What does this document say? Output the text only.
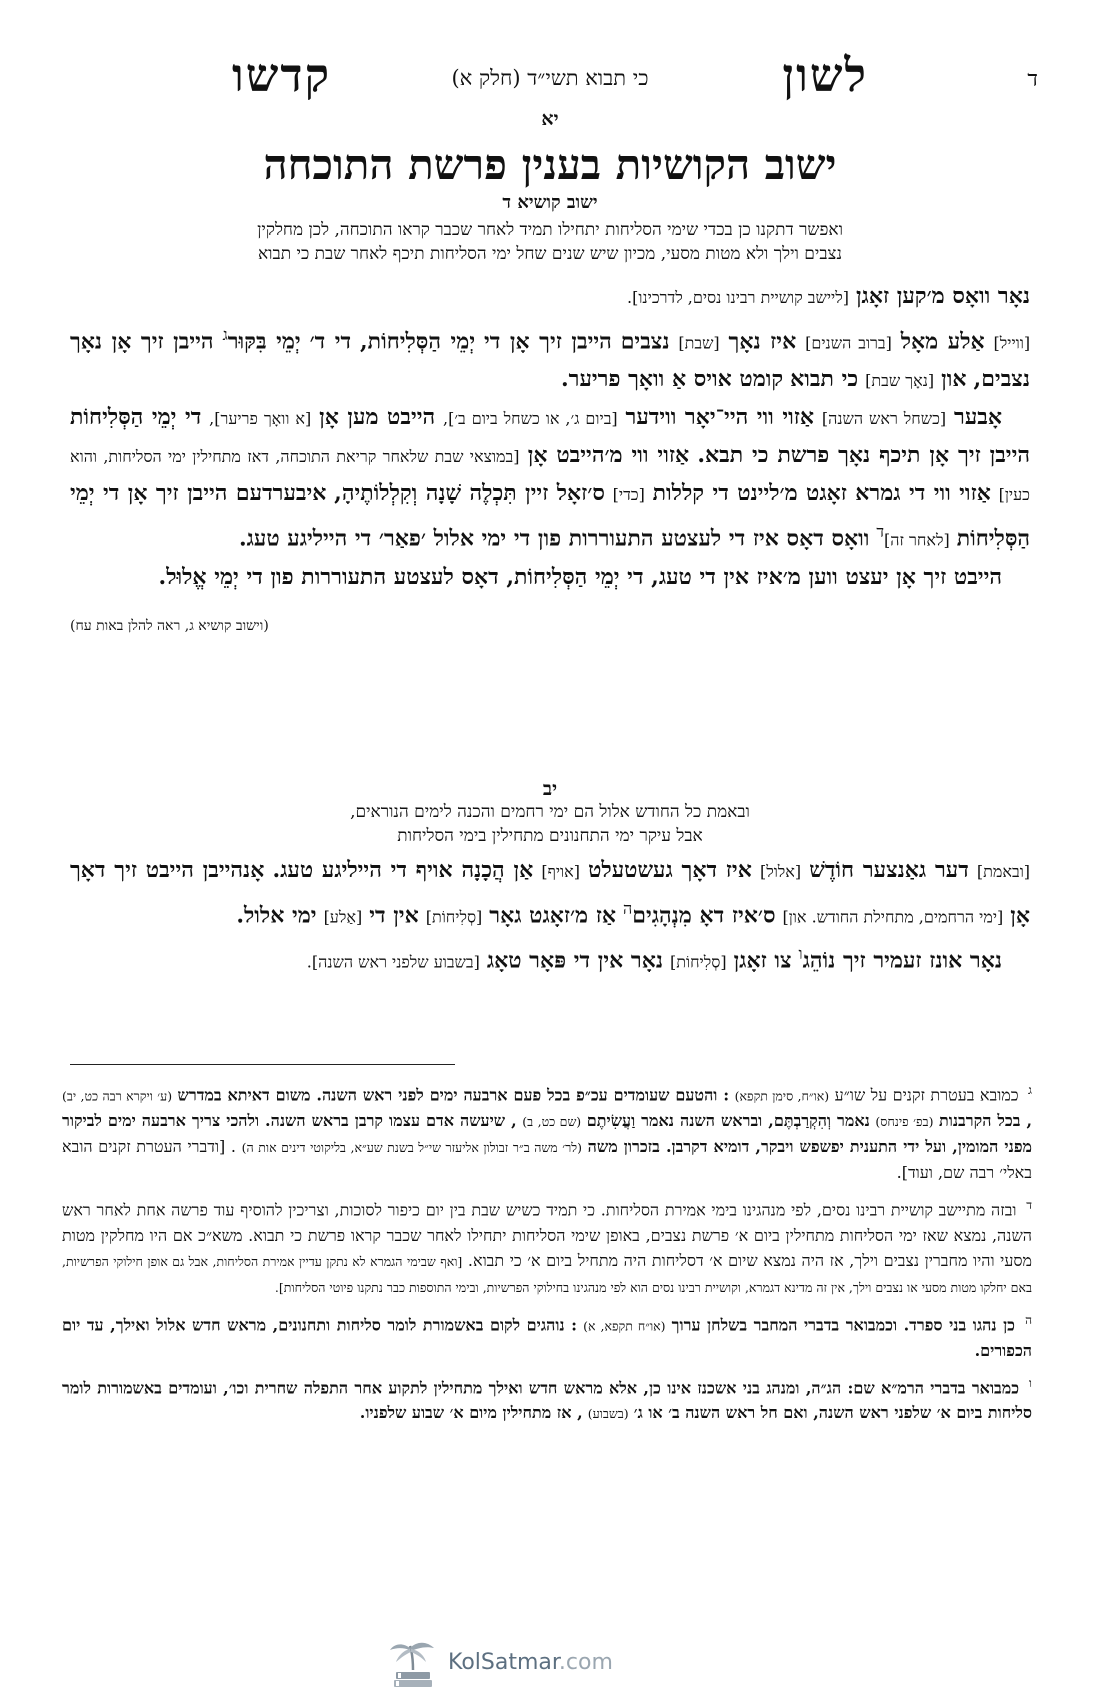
ד
לשון
כי תבוא תשי״ד (חלק א)
קדשו
יא
ישוב הקושיות בענין פרשת התוכחה
ישוב קושיא ד
ואפשר דתקנו כן בכדי שימי הסליחות יתחילו תמיד לאחר שכבר קראו התוכחה, לכן מחלקין
נצבים וילך ולא מטות מסעי, מכיון שיש שנים שחל ימי הסליחות תיכף לאחר שבת כי תבוא

נאָר וואָס מ׳קען זאָגן [ליישב קושיית רבינו נסים, לדרכינו].

[ווייל] אַלע מאָל [ברוב השנים] איז נאָך [שבת] נצבים הייבן זיך אָן די יְמֵי הַסְּלִיחוֹת, די ד׳ יְמֵי בִּקּוּר$^ג$ הייבן זיך אָן נאָך נצבים, און [נאָך שבת] כי תבוא קומט אויס אַ וואָך פריער.

אָבער [כשחל ראש השנה] אַזוי ווי היי־יאָר ווידער [ביום ג׳, או כשחל ביום ב׳], הייבט מען אָן [א וואָך פריער], די יְמֵי הַסְּלִיחוֹת הייבן זיך אָן תיכף נאָך פרשת כי תבא. אַזוי ווי מ׳הייבט אָן [במוצאי שבת שלאחר קריאת התוכחה, דאז מתחילין ימי הסליחות, והוא כעין] אַזוי ווי די גמרא זאָגט מ׳ליינט די קללות [כדי] ס׳זאָל זיין תִּכְלֶה שָׁנָה וְקִלְלוֹתֶיהָ, איבערדעם הייבן זיך אָן די יְמֵי הַסְּלִיחוֹת [לאחר זה]$^ד$ וואָס דאָס איז די לעצטע התעוררות פון די ימי אלול ׳פאַר׳ די הייליגע טעג.

הייבט זיך אָן יעצט ווען מ׳איז אין די טעג, די יְמֵי הַסְּלִיחוֹת, דאָס לעצטע התעוררות פון די יְמֵי אֱלוּל.
(וישוב קושיא ג, ראה להלן באות עח)

יב
ובאמת כל החודש אלול הם ימי רחמים והכנה לימים הנוראים,
אבל עיקר ימי התחנונים מתחילין בימי הסליחות

[ובאמת] דער גאַנצער חוֹדֶשׁ [אלול] איז דאָך געשטעלט [אויף] אַן הֲכָנָה אויף די הייליגע טעג. אָנהייבן הייבט זיך דאָך אָן [ימי הרחמים, מתחילת החודש. און] ס׳איז דאָ מִנְהָגִים$^ה$ אַז מ׳זאָגט גאָר [סְלִיחוֹת] אין די [אַלע] ימי אלול.

נאָר אונז זעמיר זיך נוֹהֵג$^ו$ צו זאָגן [סְלִיחוֹת] נאָר אין די פּאָר טאָג [בשבוע שלפני ראש השנה].

$^ג$ כמובא בעטרת זקנים על שו״ע (או״ח, סימן תקפא) : והטעם שעומדים עכ״פ בכל פעם ארבעה ימים לפני ראש השנה. משום דאיתא במדרש (ע׳ ויקרא רבה כט, יב) , בכל הקרבנות (בפ׳ פינחס) נאמר וְהִקְרַבְתֶּם, ובראש השנה נאמר וַעֲשִׂיתֶם (שם כט, ב) , שיעשה אדם עצמו קרבן בראש השנה. ולהכי צריך ארבעה ימים לביקור מפני המומין, ועל ידי התענית יפשפש ויבקר, דומיא דקרבן. בזכרון משה (לר׳ משה ב״ר זבולון אליעזר שי״ל בשנת שע״א, בליקוטי דינים אות ה) . [ודברי העטרת זקנים הובא באלי׳ רבה שם, ועוד].

$^ד$ ובזה מתיישב קושיית רבינו נסים, לפי מנהגינו בימי אמירת הסליחות. כי תמיד כשיש שבת בין יום כיפור לסוכות, וצריכין להוסיף עוד פרשה אחת לאחר ראש השנה, נמצא שאז ימי הסליחות מתחילין ביום א׳ פרשת נצבים, באופן שימי הסליחות יתחילו לאחר שכבר קראו פרשת כי תבוא. משא״כ אם היו מחלקין מטות מסעי והיו מחברין נצבים וילך, אז היה נמצא שיום א׳ דסליחות היה מתחיל ביום א׳ כי תבוא. [ואף שבימי הגמרא לא נתקן עדיין אמירת הסליחות, אבל גם אופן חילוקי הפרשיות, באם יחלקו מטות מסעי או נצבים וילך, אין זה מדינא דגמרא, וקושיית רבינו נסים הוא לפי מנהגינו בחילוקי הפרשיות, ובימי התוספות כבר נתקנו פיוטי הסליחות].

$^ה$ כן נהגו בני ספרד. וכמבואר בדברי המחבר בשלחן ערוך (או״ח תקפא, א) : נוהגים לקום באשמורת לומר סליחות ותחנונים, מראש חדש אלול ואילך, עד יום הכפורים.

$^ו$ כמבואר בדברי הרמ״א שם: הג״ה, ומנהג בני אשכנז אינו כן, אלא מראש חדש ואילך מתחילין לתקוע אחר התפלה שחרית וכו׳, ועומדים באשמורות לומר סליחות ביום א׳ שלפני ראש השנה, ואם חל ראש השנה ב׳ או ג׳ (בשבוע) , אז מתחילין מיום א׳ שבוע שלפניו.

KolSatmar.com
